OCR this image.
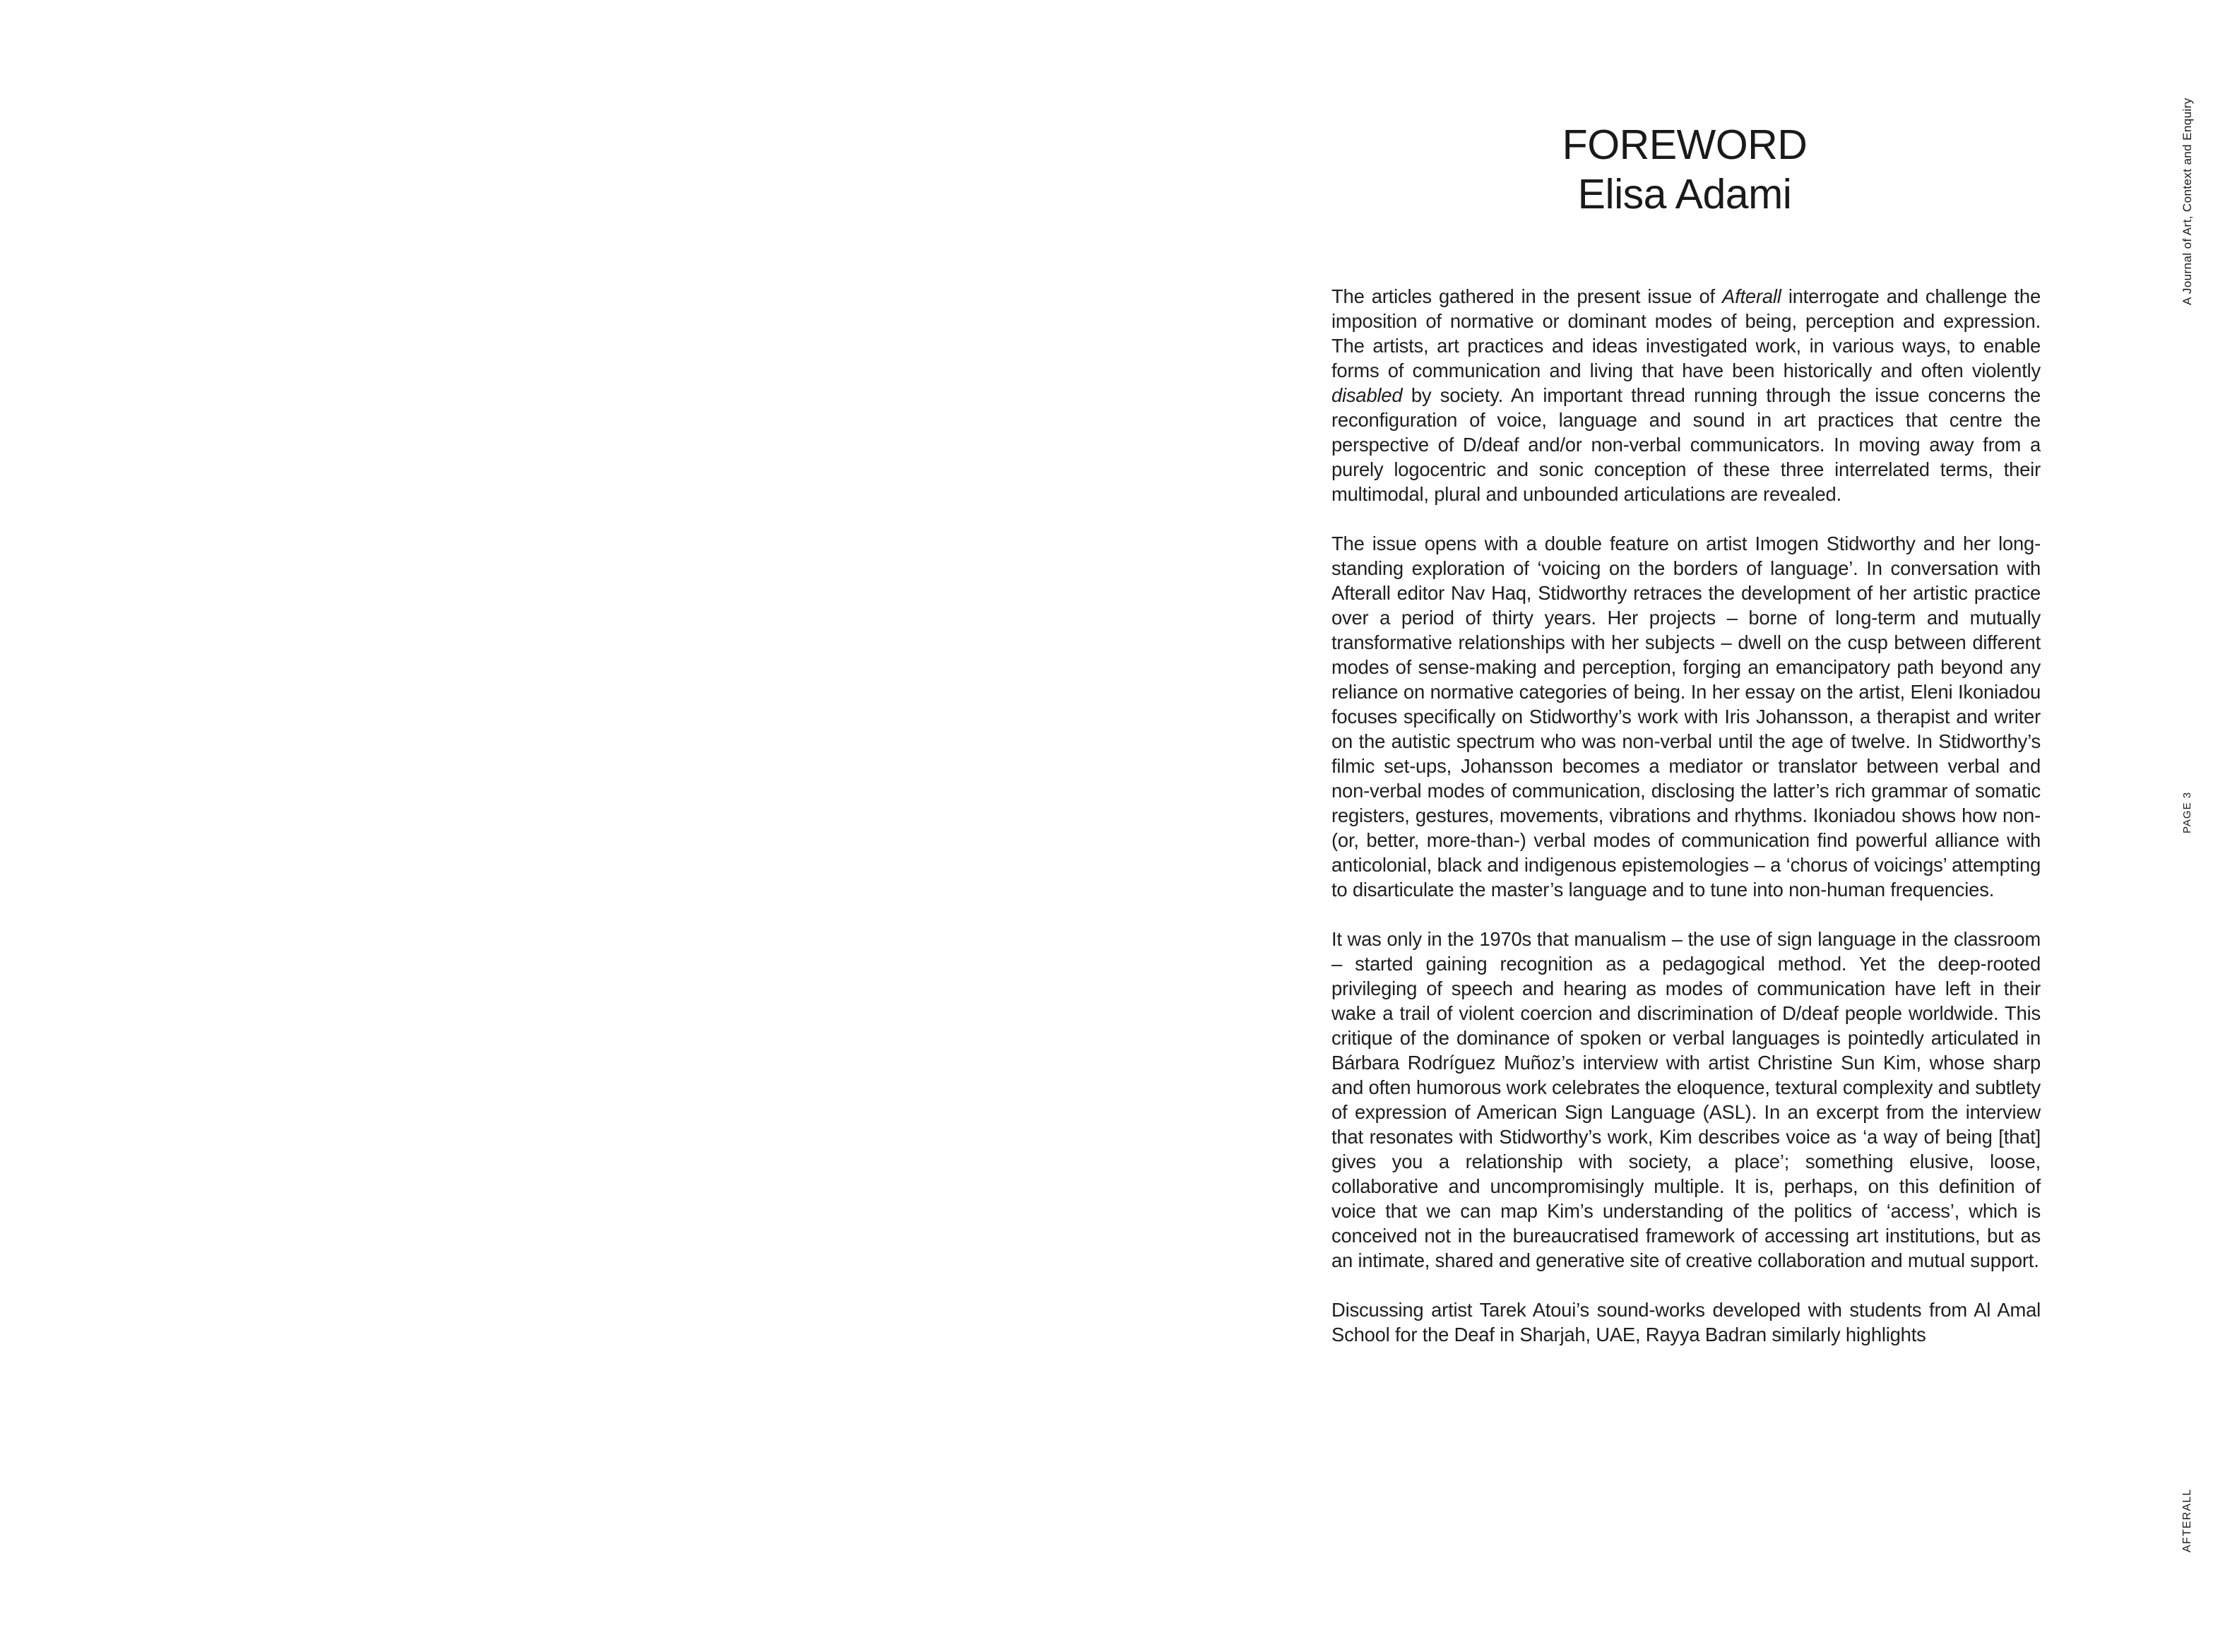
FOREWORD
Elisa Adami

The articles gathered in the present issue of Afterall interrogate and challenge the imposition of normative or dominant modes of being, perception and expression. The artists, art practices and ideas investigated work, in various ways, to enable forms of communication and living that have been historically and often violently disabled by society. An important thread running through the issue concerns the reconfiguration of voice, language and sound in art practices that centre the perspective of D/deaf and/or non-verbal communicators. In moving away from a purely logocentric and sonic conception of these three interrelated terms, their multimodal, plural and unbounded articulations are revealed.

The issue opens with a double feature on artist Imogen Stidworthy and her long-standing exploration of ‘voicing on the borders of language’. In conversation with Afterall editor Nav Haq, Stidworthy retraces the development of her artistic practice over a period of thirty years. Her projects – borne of long-term and mutually transformative relationships with her subjects – dwell on the cusp between different modes of sense-making and perception, forging an emancipatory path beyond any reliance on normative categories of being. In her essay on the artist, Eleni Ikoniadou focuses specifically on Stidworthy’s work with Iris Johansson, a therapist and writer on the autistic spectrum who was non-verbal until the age of twelve. In Stidworthy’s filmic set-ups, Johansson becomes a mediator or translator between verbal and non-verbal modes of communication, disclosing the latter’s rich grammar of somatic registers, gestures, movements, vibrations and rhythms. Ikoniadou shows how non- (or, better, more-than-) verbal modes of communication find powerful alliance with anticolonial, black and indigenous epistemologies – a ‘chorus of voicings’ attempting to disarticulate the master’s language and to tune into non-human frequencies.

It was only in the 1970s that manualism – the use of sign language in the classroom – started gaining recognition as a pedagogical method. Yet the deep-rooted privileging of speech and hearing as modes of communication have left in their wake a trail of violent coercion and discrimination of D/deaf people worldwide. This critique of the dominance of spoken or verbal languages is pointedly articulated in Bárbara Rodríguez Muñoz’s interview with artist Christine Sun Kim, whose sharp and often humorous work celebrates the eloquence, textural complexity and subtlety of expression of American Sign Language (ASL). In an excerpt from the interview that resonates with Stidworthy’s work, Kim describes voice as ‘a way of being [that] gives you a relationship with society, a place’; something elusive, loose, collaborative and uncompromisingly multiple. It is, perhaps, on this definition of voice that we can map Kim’s understanding of the politics of ‘access’, which is conceived not in the bureaucratised framework of accessing art institutions, but as an intimate, shared and generative site of creative collaboration and mutual support.

Discussing artist Tarek Atoui’s sound-works developed with students from Al Amal School for the Deaf in Sharjah, UAE, Rayya Badran similarly highlights

A Journal of Art, Context and Enquiry
PAGE 3
AFTERALL
